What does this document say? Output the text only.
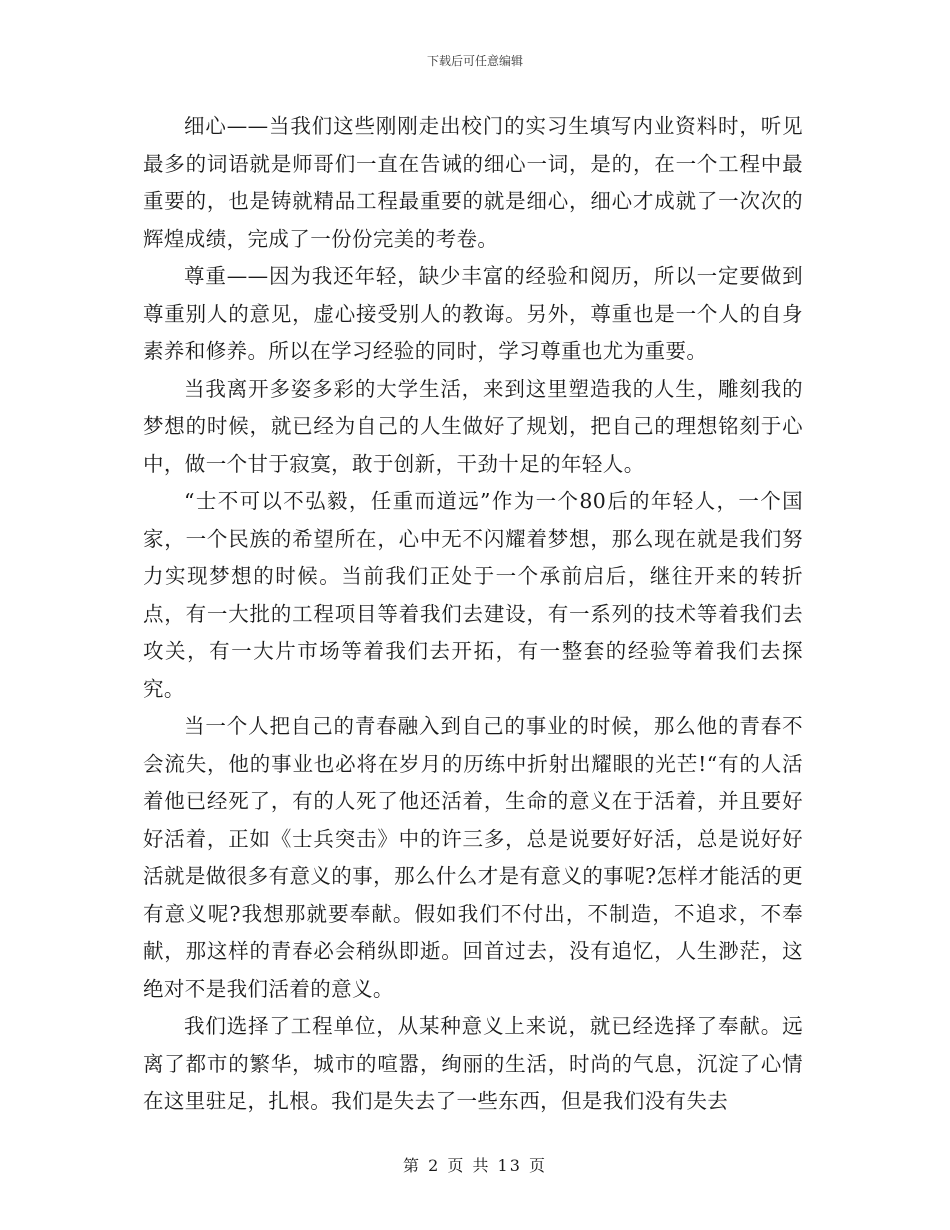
下载后可任意编辑

细心——当我们这些刚刚走出校门的实习生填写内业资料时，听见最多的词语就是师哥们一直在告诫的细心一词，是的，在一个工程中最重要的，也是铸就精品工程最重要的就是细心，细心才成就了一次次的辉煌成绩，完成了一份份完美的考卷。

尊重——因为我还年轻，缺少丰富的经验和阅历，所以一定要做到尊重别人的意见，虚心接受别人的教诲。另外，尊重也是一个人的自身素养和修养。所以在学习经验的同时，学习尊重也尤为重要。

当我离开多姿多彩的大学生活，来到这里塑造我的人生，雕刻我的梦想的时候，就已经为自己的人生做好了规划，把自己的理想铭刻于心中，做一个甘于寂寞，敢于创新，干劲十足的年轻人。

“士不可以不弘毅，任重而道远”作为一个80后的年轻人，一个国家，一个民族的希望所在，心中无不闪耀着梦想，那么现在就是我们努力实现梦想的时候。当前我们正处于一个承前启后，继往开来的转折点，有一大批的工程项目等着我们去建设，有一系列的技术等着我们去攻关，有一大片市场等着我们去开拓，有一整套的经验等着我们去探究。

当一个人把自己的青春融入到自己的事业的时候，那么他的青春不会流失，他的事业也必将在岁月的历练中折射出耀眼的光芒!“有的人活着他已经死了，有的人死了他还活着，生命的意义在于活着，并且要好好活着，正如《士兵突击》中的许三多，总是说要好好活，总是说好好活就是做很多有意义的事，那么什么才是有意义的事呢?怎样才能活的更有意义呢?我想那就要奉献。假如我们不付出，不制造，不追求，不奉献，那这样的青春必会稍纵即逝。回首过去，没有追忆，人生渺茫，这绝对不是我们活着的意义。

我们选择了工程单位，从某种意义上来说，就已经选择了奉献。远离了都市的繁华，城市的喧嚣，绚丽的生活，时尚的气息，沉淀了心情在这里驻足，扎根。我们是失去了一些东西，但是我们没有失去

第 2 页 共 13 页
